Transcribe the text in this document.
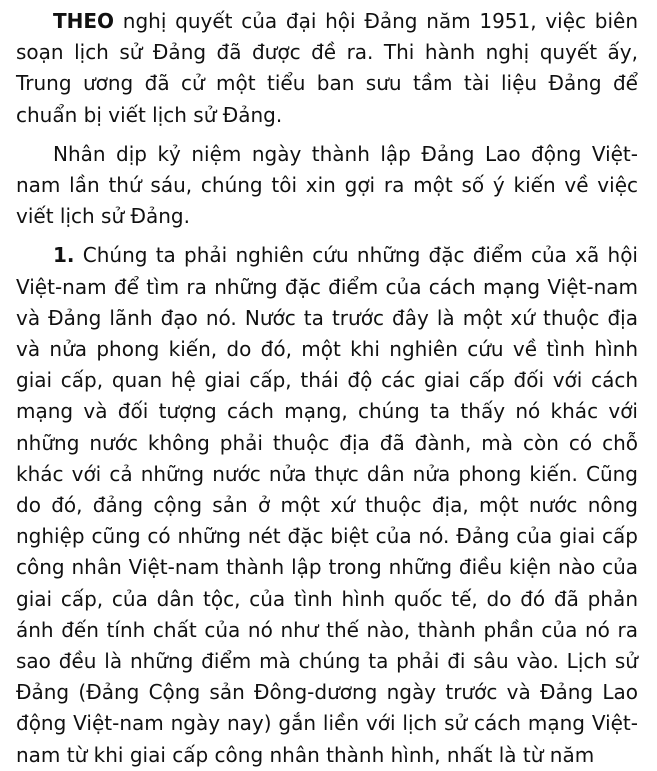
THEO nghị quyết của đại hội Đảng năm 1951, việc biên soạn lịch sử Đảng đã được đề ra. Thi hành nghị quyết ấy, Trung ương đã cử một tiểu ban sưu tầm tài liệu Đảng để chuẩn bị viết lịch sử Đảng.

Nhân dịp kỷ niệm ngày thành lập Đảng Lao động Việt-nam lần thứ sáu, chúng tôi xin gợi ra một số ý kiến về việc viết lịch sử Đảng.

1. Chúng ta phải nghiên cứu những đặc điểm của xã hội Việt-nam để tìm ra những đặc điểm của cách mạng Việt-nam và Đảng lãnh đạo nó. Nước ta trước đây là một xứ thuộc địa và nửa phong kiến, do đó, một khi nghiên cứu về tình hình giai cấp, quan hệ giai cấp, thái độ các giai cấp đối với cách mạng và đối tượng cách mạng, chúng ta thấy nó khác với những nước không phải thuộc địa đã đành, mà còn có chỗ khác với cả những nước nửa thực dân nửa phong kiến. Cũng do đó, đảng cộng sản ở một xứ thuộc địa, một nước nông nghiệp cũng có những nét đặc biệt của nó. Đảng của giai cấp công nhân Việt-nam thành lập trong những điều kiện nào của giai cấp, của dân tộc, của tình hình quốc tế, do đó đã phản ánh đến tính chất của nó như thế nào, thành phần của nó ra sao đều là những điểm mà chúng ta phải đi sâu vào. Lịch sử Đảng (Đảng Cộng sản Đông-dương ngày trước và Đảng Lao động Việt-nam ngày nay) gắn liền với lịch sử cách mạng Việt-nam từ khi giai cấp công nhân thành hình, nhất là từ năm
